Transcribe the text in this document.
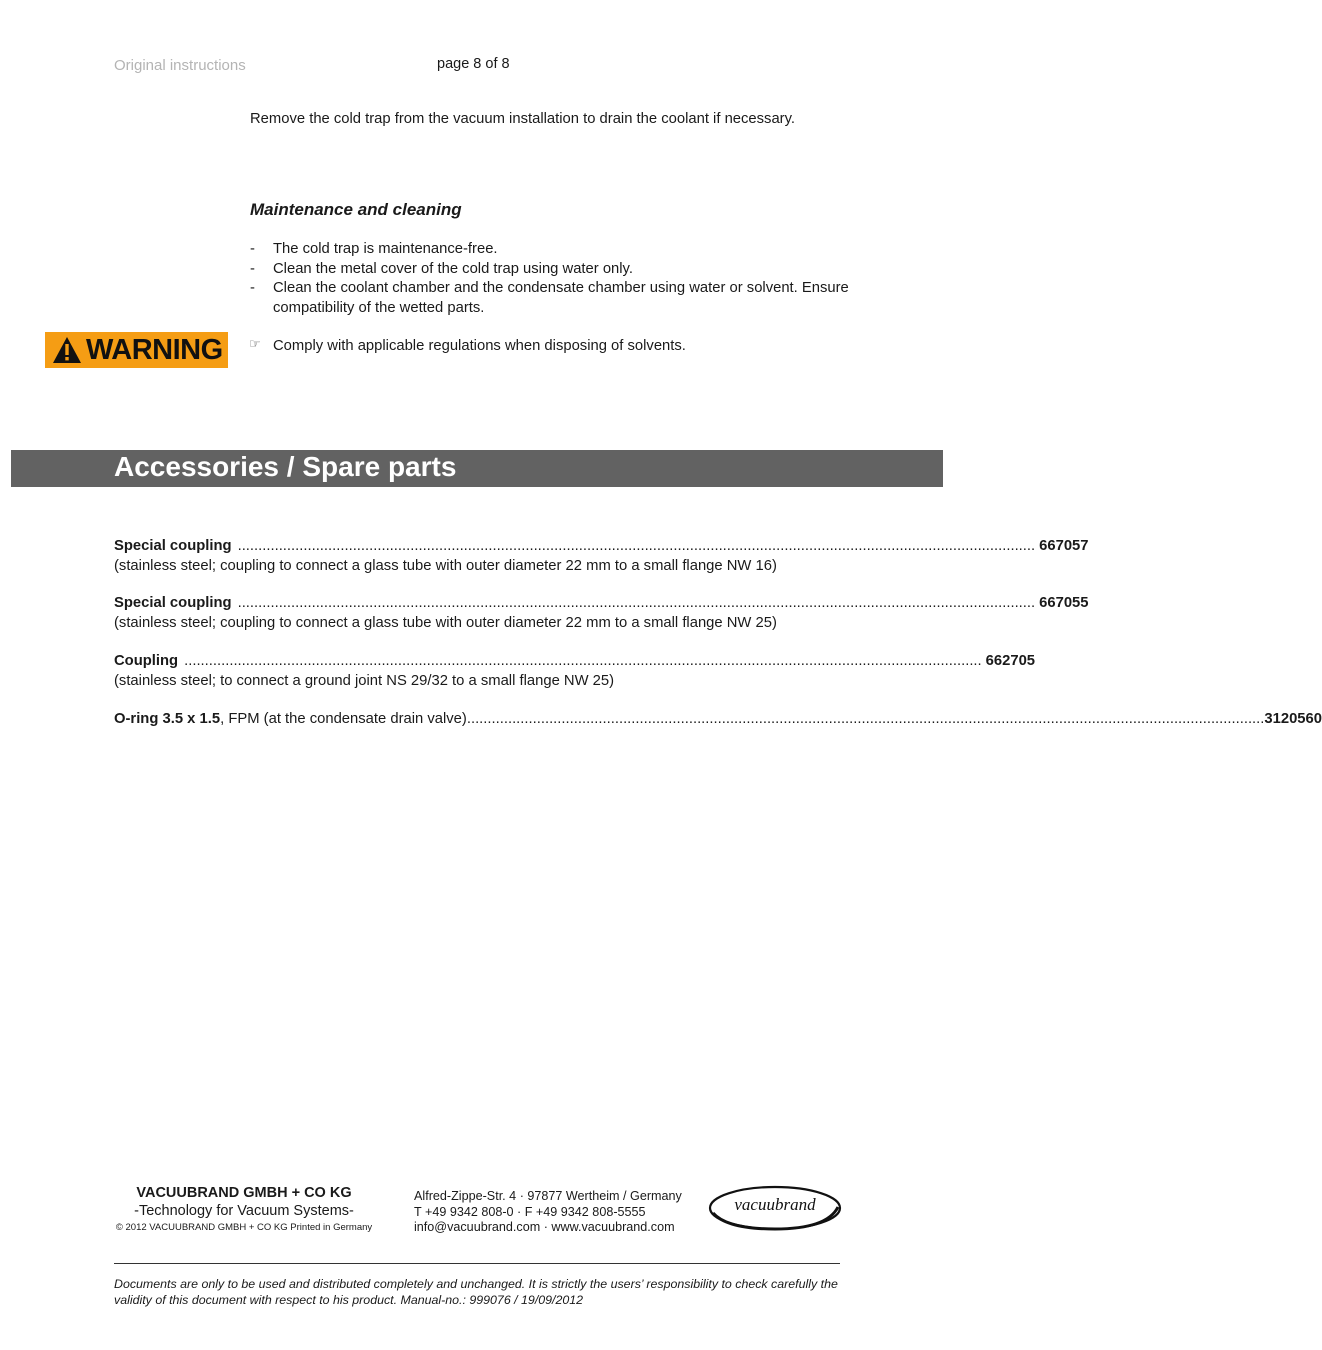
Original instructions	page 8 of 8
Remove the cold trap from the vacuum installation to drain the coolant if necessary.
Maintenance and cleaning
- The cold trap is maintenance-free.
- Clean the metal cover of the cold trap using water only.
- Clean the coolant chamber and the condensate chamber using water or solvent. Ensure compatibility of the wetted parts.
WARNING ☞ Comply with applicable regulations when disposing of solvents.
Accessories / Spare parts
Special coupling .................................................................................................................................................................................................. 667057
(stainless steel; coupling to connect a glass tube with outer diameter 22 mm to a small flange NW 16)
Special coupling .................................................................................................................................................................................................. 667055
(stainless steel; coupling to connect a glass tube with outer diameter 22 mm to a small flange NW 25)
Coupling .................................................................................................................................................................................................. 662705
(stainless steel; to connect a ground joint NS 29/32 to a small flange NW 25)
O-ring 3.5 x 1.5 , FPM (at the condensate drain valve) .................................................................................................................................................................................................. 3120560
VACUUBRAND GMBH + CO KG
-Technology for Vacuum Systems-
© 2012 VACUUBRAND GMBH + CO KG Printed in Germany
Alfred-Zippe-Str. 4 · 97877 Wertheim / Germany
T +49 9342 808-0 · F +49 9342 808-5555
info@vacuubrand.com · www.vacuubrand.com
vacuubrand
Documents are only to be used and distributed completely and unchanged. It is strictly the users’ responsibility to check carefully the validity of this document with respect to his product. Manual-no.: 999076 / 19/09/2012
